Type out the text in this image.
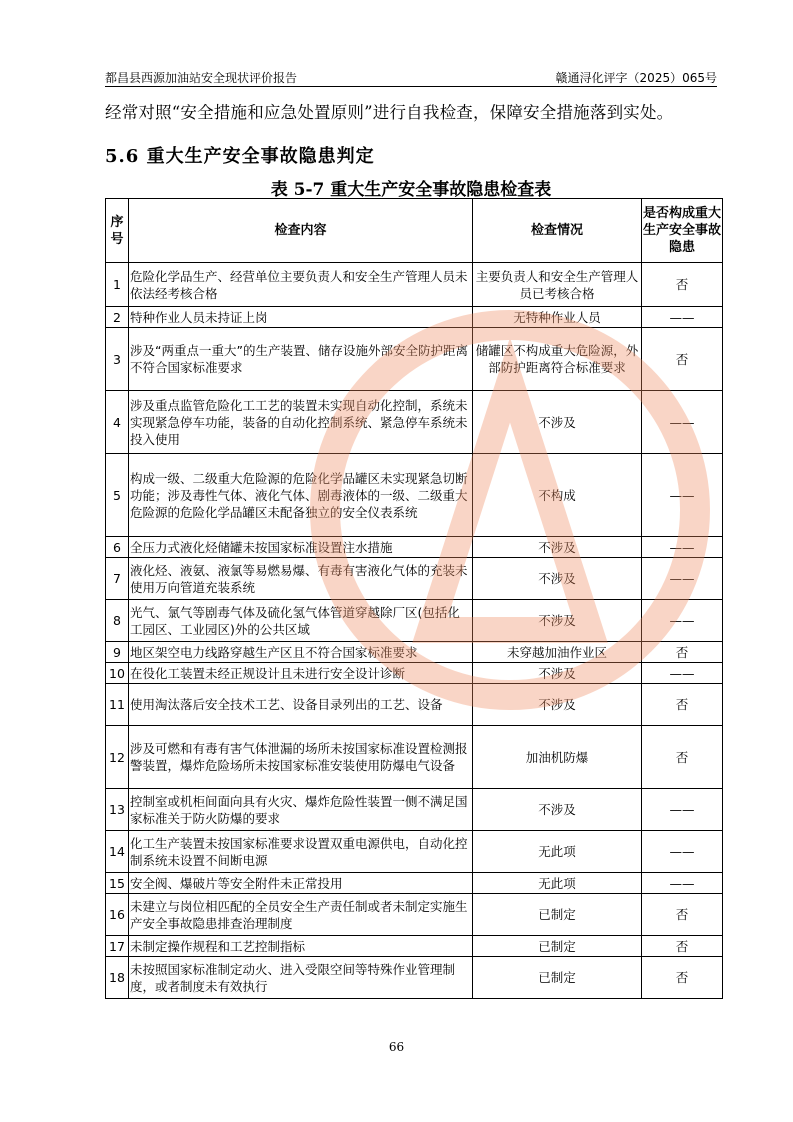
都昌县西源加油站安全现状评价报告	赣通浔化评字（2025）065号
经常对照“安全措施和应急处置原则”进行自我检查，保障安全措施落到实处。
5.6 重大生产安全事故隐患判定
表 5-7 重大生产安全事故隐患检查表
序号	检查内容	检查情况	是否构成重大生产安全事故隐患
1	危险化学品生产、经营单位主要负责人和安全生产管理人员未依法经考核合格	主要负责人和安全生产管理人员已考核合格	否
2	特种作业人员未持证上岗	无特种作业人员	——
3	涉及“两重点一重大”的生产装置、储存设施外部安全防护距离不符合国家标准要求	储罐区不构成重大危险源，外部防护距离符合标准要求	否
4	涉及重点监管危险化工工艺的装置未实现自动化控制，系统未实现紧急停车功能，装备的自动化控制系统、紧急停车系统未投入使用	不涉及	——
5	构成一级、二级重大危险源的危险化学品罐区未实现紧急切断功能；涉及毒性气体、液化气体、剧毒液体的一级、二级重大危险源的危险化学品罐区未配备独立的安全仪表系统	不构成	——
6	全压力式液化烃储罐未按国家标准设置注水措施	不涉及	——
7	液化烃、液氨、液氯等易燃易爆、有毒有害液化气体的充装未使用万向管道充装系统	不涉及	——
8	光气、氯气等剧毒气体及硫化氢气体管道穿越除厂区(包括化工园区、工业园区)外的公共区域	不涉及	——
9	地区架空电力线路穿越生产区且不符合国家标准要求	未穿越加油作业区	否
10	在役化工装置未经正规设计且未进行安全设计诊断	不涉及	——
11	使用淘汰落后安全技术工艺、设备目录列出的工艺、设备	不涉及	否
12	涉及可燃和有毒有害气体泄漏的场所未按国家标准设置检测报警装置，爆炸危险场所未按国家标准安装使用防爆电气设备	加油机防爆	否
13	控制室或机柜间面向具有火灾、爆炸危险性装置一侧不满足国家标准关于防火防爆的要求	不涉及	——
14	化工生产装置未按国家标准要求设置双重电源供电，自动化控制系统未设置不间断电源	无此项	——
15	安全阀、爆破片等安全附件未正常投用	无此项	——
16	未建立与岗位相匹配的全员安全生产责任制或者未制定实施生产安全事故隐患排查治理制度	已制定	否
17	未制定操作规程和工艺控制指标	已制定	否
18	未按照国家标准制定动火、进入受限空间等特殊作业管理制度，或者制度未有效执行	已制定	否
66
